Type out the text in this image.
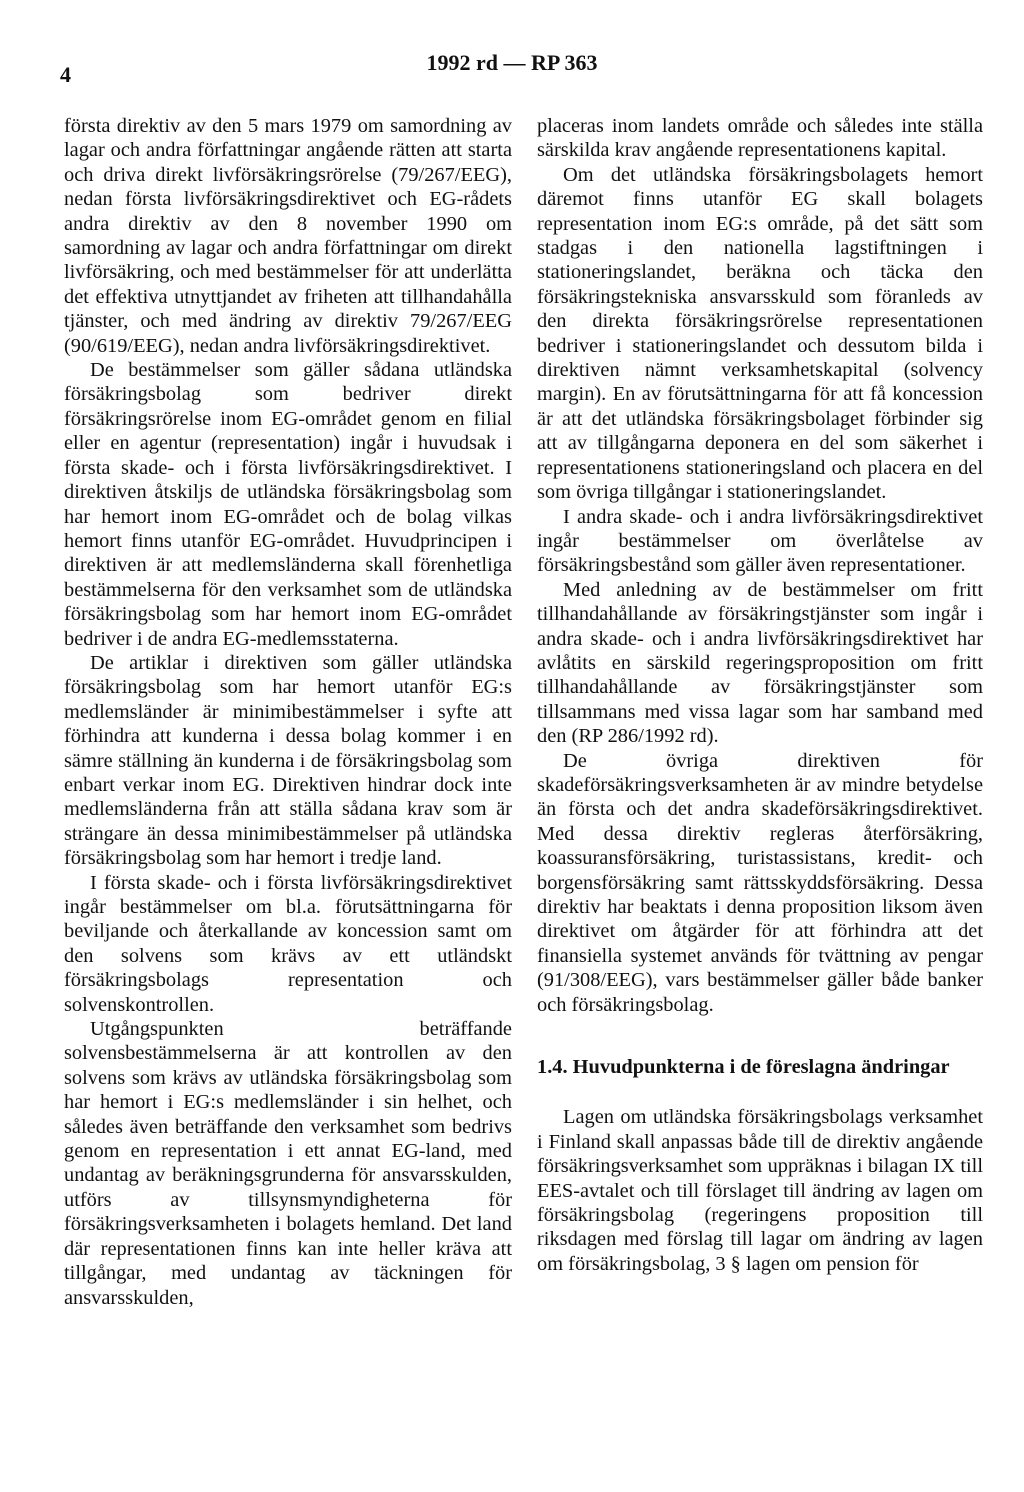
4	1992 rd — RP 363

första direktiv av den 5 mars 1979 om samordning av lagar och andra författningar angående rätten att starta och driva direkt livförsäkringsrörelse (79/267/EEG), nedan första livförsäkringsdirektivet och EG-rådets andra direktiv av den 8 november 1990 om samordning av lagar och andra författningar om direkt livförsäkring, och med bestämmelser för att underlätta det effektiva utnyttjandet av friheten att tillhandahålla tjänster, och med ändring av direktiv 79/267/EEG (90/619/EEG), nedan andra livförsäkringsdirektivet.

De bestämmelser som gäller sådana utländska försäkringsbolag som bedriver direkt försäkringsrörelse inom EG-området genom en filial eller en agentur (representation) ingår i huvudsak i första skade- och i första livförsäkringsdirektivet. I direktiven åtskiljs de utländska försäkringsbolag som har hemort inom EG-området och de bolag vilkas hemort finns utanför EG-området. Huvudprincipen i direktiven är att medlemsländerna skall förenhetliga bestämmelserna för den verksamhet som de utländska försäkringsbolag som har hemort inom EG-området bedriver i de andra EG-medlemsstaterna.

De artiklar i direktiven som gäller utländska försäkringsbolag som har hemort utanför EG:s medlemsländer är minimibestämmelser i syfte att förhindra att kunderna i dessa bolag kommer i en sämre ställning än kunderna i de försäkringsbolag som enbart verkar inom EG. Direktiven hindrar dock inte medlemsländerna från att ställa sådana krav som är strängare än dessa minimibestämmelser på utländska försäkringsbolag som har hemort i tredje land.

I första skade- och i första livförsäkringsdirektivet ingår bestämmelser om bl.a. förutsättningarna för beviljande och återkallande av koncession samt om den solvens som krävs av ett utländskt försäkringsbolags representation och solvenskontrollen.

Utgångspunkten beträffande solvensbestämmelserna är att kontrollen av den solvens som krävs av utländska försäkringsbolag som har hemort i EG:s medlemsländer i sin helhet, och således även beträffande den verksamhet som bedrivs genom en representation i ett annat EG-land, med undantag av beräkningsgrunderna för ansvarsskulden, utförs av tillsynsmyndigheterna för försäkringsverksamheten i bolagets hemland. Det land där representationen finns kan inte heller kräva att tillgångar, med undantag av täckningen för ansvarsskulden,

placeras inom landets område och således inte ställa särskilda krav angående representationens kapital.

Om det utländska försäkringsbolagets hemort däremot finns utanför EG skall bolagets representation inom EG:s område, på det sätt som stadgas i den nationella lagstiftningen i stationeringslandet, beräkna och täcka den försäkringstekniska ansvarsskuld som föranleds av den direkta försäkringsrörelse representationen bedriver i stationeringslandet och dessutom bilda i direktiven nämnt verksamhetskapital (solvency margin). En av förutsättningarna för att få koncession är att det utländska försäkringsbolaget förbinder sig att av tillgångarna deponera en del som säkerhet i representationens stationeringsland och placera en del som övriga tillgångar i stationeringslandet.

I andra skade- och i andra livförsäkringsdirektivet ingår bestämmelser om överlåtelse av försäkringsbestånd som gäller även representationer.

Med anledning av de bestämmelser om fritt tillhandahållande av försäkringstjänster som ingår i andra skade- och i andra livförsäkringsdirektivet har avlåtits en särskild regeringsproposition om fritt tillhandahållande av försäkringstjänster som tillsammans med vissa lagar som har samband med den (RP 286/1992 rd).

De övriga direktiven för skadeförsäkringsverksamheten är av mindre betydelse än första och det andra skadeförsäkringsdirektivet. Med dessa direktiv regleras återförsäkring, koassuransförsäkring, turistassistans, kredit- och borgensförsäkring samt rättsskyddsförsäkring. Dessa direktiv har beaktats i denna proposition liksom även direktivet om åtgärder för att förhindra att det finansiella systemet används för tvättning av pengar (91/308/EEG), vars bestämmelser gäller både banker och försäkringsbolag.

1.4. Huvudpunkterna i de föreslagna ändringar

Lagen om utländska försäkringsbolags verksamhet i Finland skall anpassas både till de direktiv angående försäkringsverksamhet som uppräknas i bilagan IX till EES-avtalet och till förslaget till ändring av lagen om försäkringsbolag (regeringens proposition till riksdagen med förslag till lagar om ändring av lagen om försäkringsbolag, 3 § lagen om pension för
